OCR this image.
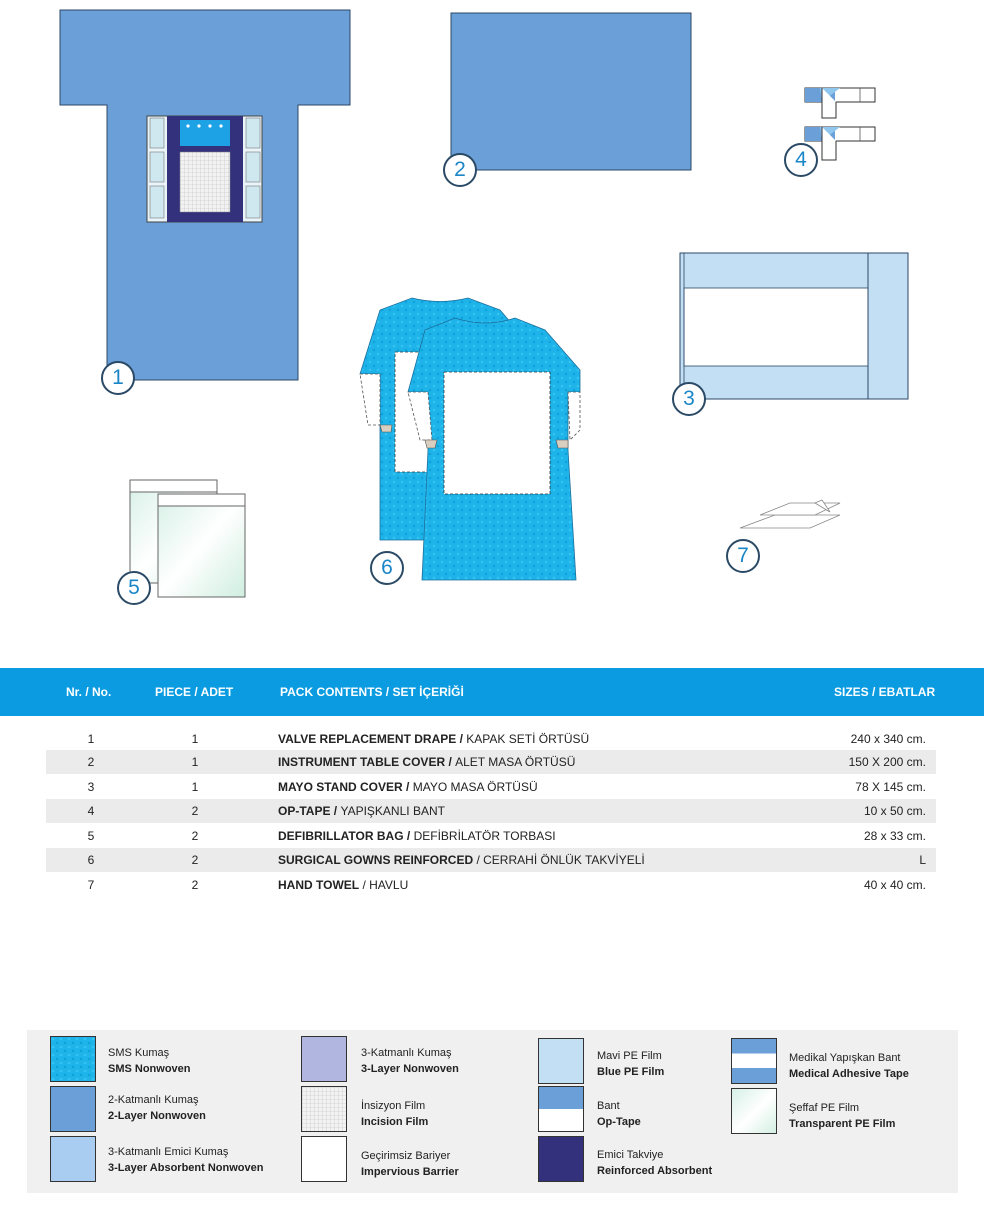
1
2
3
4
5
6
7
Nr. / No.	PIECE / ADET	PACK CONTENTS / SET İÇERİĞİ	SIZES / EBATLAR
1	1	VALVE REPLACEMENT DRAPE / KAPAK SETİ ÖRTÜSÜ	240 x 340 cm.
2	1	INSTRUMENT TABLE COVER / ALET MASA ÖRTÜSÜ	150 X 200 cm.
3	1	MAYO STAND COVER / MAYO MASA ÖRTÜSÜ	78 X 145 cm.
4	2	OP-TAPE / YAPIŞKANLI BANT	10 x 50 cm.
5	2	DEFIBRILLATOR BAG / DEFİBRİLATÖR TORBASI	28 x 33 cm.
6	2	SURGICAL GOWNS REINFORCED / CERRAHİ ÖNLÜK TAKVİYELİ	L
7	2	HAND TOWEL / HAVLU	40 x 40 cm.
SMS Kumaş
SMS Nonwoven
2-Katmanlı Kumaş
2-Layer Nonwoven
3-Katmanlı Emici Kumaş
3-Layer Absorbent Nonwoven
3-Katmanlı Kumaş
3-Layer Nonwoven
İnsizyon Film
Incision Film
Geçirimsiz Bariyer
Impervious Barrier
Mavi PE Film
Blue PE Film
Bant
Op-Tape
Emici Takviye
Reinforced Absorbent
Medikal Yapışkan Bant
Medical Adhesive Tape
Şeffaf PE Film
Transparent PE Film
